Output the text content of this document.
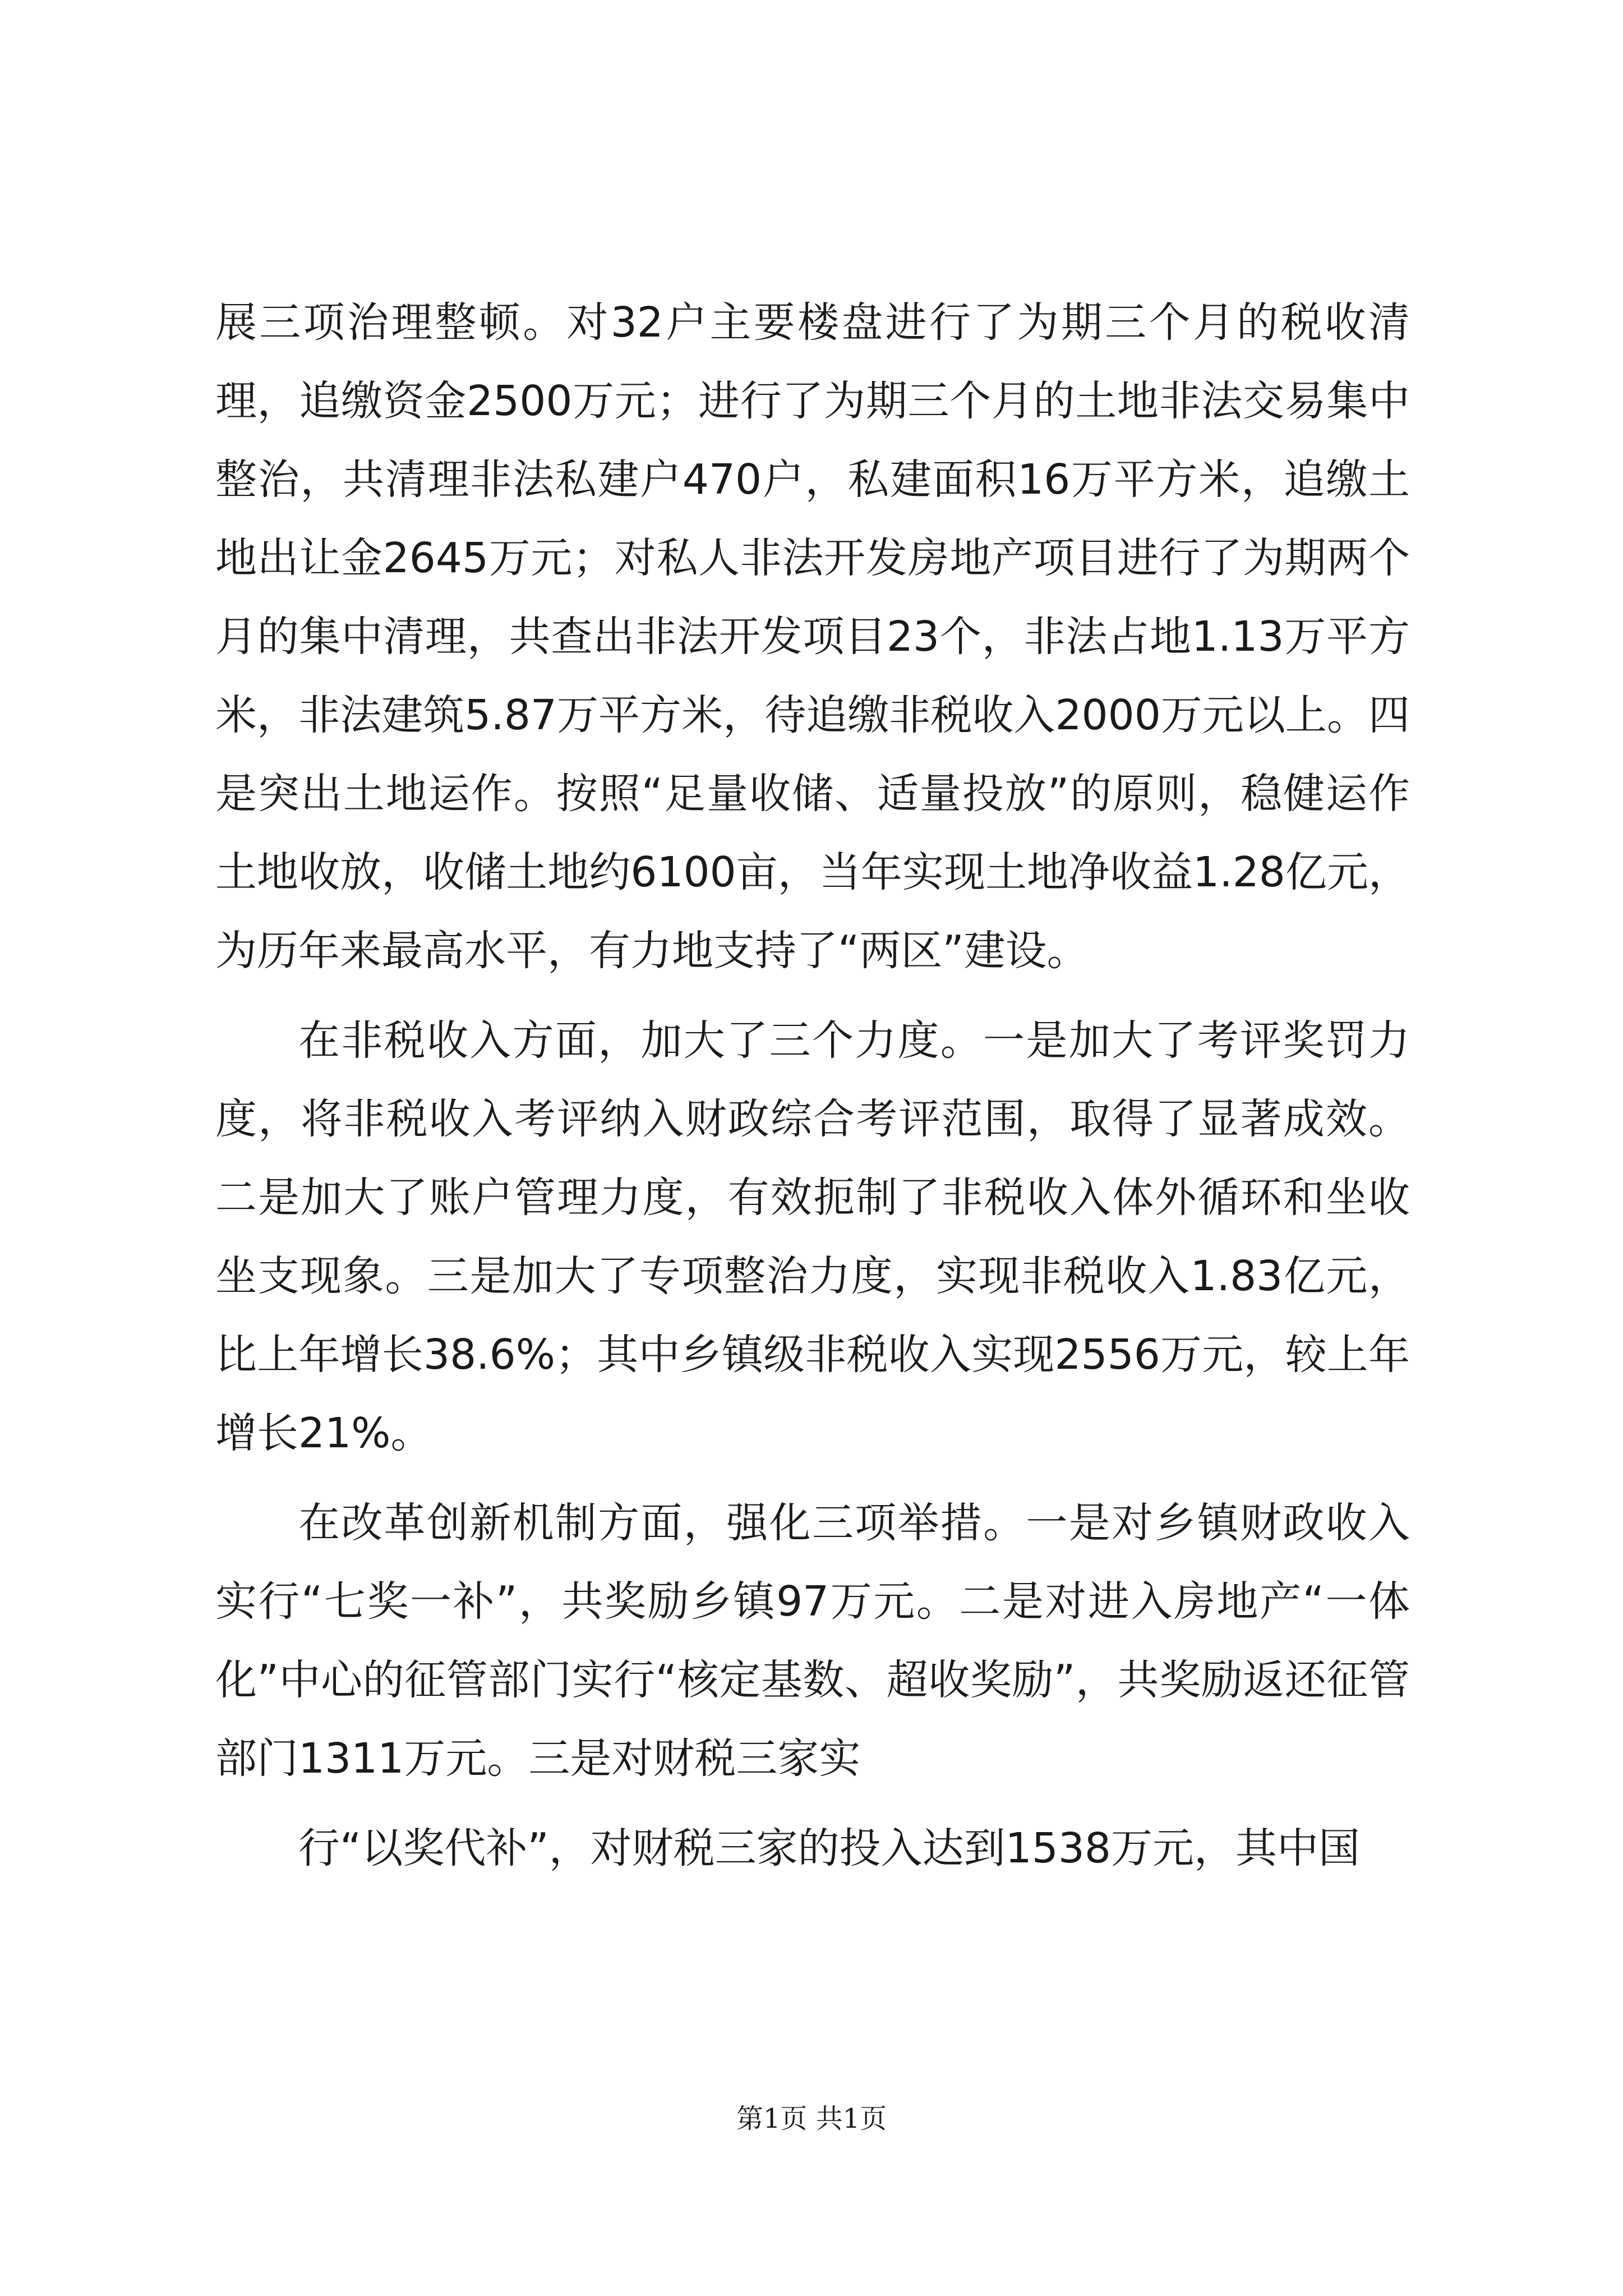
展三项治理整顿。对32户主要楼盘进行了为期三个月的税收清理，追缴资金2500万元；进行了为期三个月的土地非法交易集中整治，共清理非法私建户470户，私建面积16万平方米，追缴土地出让金2645万元；对私人非法开发房地产项目进行了为期两个月的集中清理，共查出非法开发项目23个，非法占地1.13万平方米，非法建筑5.87万平方米，待追缴非税收入2000万元以上。四是突出土地运作。按照“足量收储、适量投放”的原则，稳健运作土地收放，收储土地约6100亩，当年实现土地净收益1.28亿元，为历年来最高水平，有力地支持了“两区”建设。

在非税收入方面，加大了三个力度。一是加大了考评奖罚力度，将非税收入考评纳入财政综合考评范围，取得了显著成效。二是加大了账户管理力度，有效扼制了非税收入体外循环和坐收坐支现象。三是加大了专项整治力度，实现非税收入1.83亿元，比上年增长38.6%；其中乡镇级非税收入实现2556万元，较上年增长21%。

在改革创新机制方面，强化三项举措。一是对乡镇财政收入实行“七奖一补”，共奖励乡镇97万元。二是对进入房地产“一体化”中心的征管部门实行“核定基数、超收奖励”，共奖励返还征管部门1311万元。三是对财税三家实

行“以奖代补”，对财税三家的投入达到1538万元，其中国

第1页 共1页
